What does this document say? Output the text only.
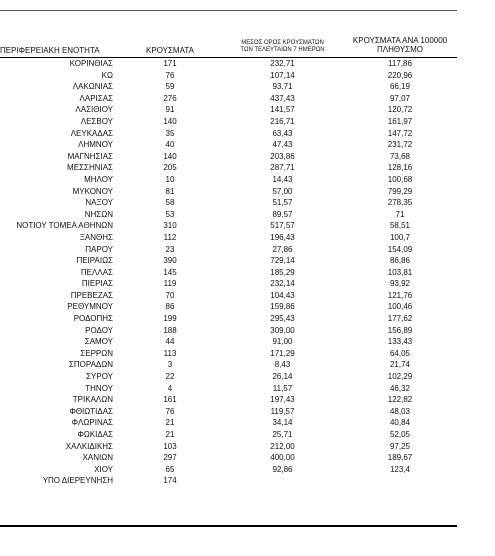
ΠΕΡΙΦΕΡΕΙΑΚΗ ΕΝΟΤΗΤΑ	ΚΡΟΥΣΜΑΤΑ
ΜΕΣΟΣ ΟΡΟΣ ΚΡΟΥΣΜΑΤΩΝ
ΤΩΝ ΤΕΛΕΥΤΑΙΩΝ 7 ΗΜΕΡΩΝ
ΚΡΟΥΣΜΑΤΑ ΑΝΑ 100000
ΠΛΗΘΥΣΜΟ
ΚΟΡΙΝΘΙΑΣ	171	232,71	117,86
ΚΩ	76	107,14	220,96
ΛΑΚΩΝΙΑΣ	59	93,71	66,19
ΛΑΡΙΣΑΣ	276	437,43	97,07
ΛΑΣΙΘΙΟΥ	91	141,57	120,72
ΛΕΣΒΟΥ	140	216,71	161,97
ΛΕΥΚΑΔΑΣ	35	63,43	147,72
ΛΗΜΝΟΥ	40	47,43	231,72
ΜΑΓΝΗΣΙΑΣ	140	203,86	73,68
ΜΕΣΣΗΝΙΑΣ	205	287,71	128,16
ΜΗΛΟΥ	10	14,43	100,68
ΜΥΚΟΝΟΥ	81	57,00	799,29
ΝΑΞΟΥ	58	51,57	278,35
ΝΗΣΩΝ	53	89,57	71
ΝΟΤΙΟΥ ΤΟΜΕΑ ΑΘΗΝΩΝ	310	517,57	58,51
ΞΑΝΘΗΣ	112	196,43	100,7
ΠΑΡΟΥ	23	27,86	154,09
ΠΕΙΡΑΙΩΣ	390	729,14	86,86
ΠΕΛΛΑΣ	145	185,29	103,81
ΠΙΕΡΙΑΣ	119	232,14	93,92
ΠΡΕΒΕΖΑΣ	70	104,43	121,76
ΡΕΘΥΜΝΟΥ	86	159,86	100,46
ΡΟΔΟΠΗΣ	199	295,43	177,62
ΡΟΔΟΥ	188	309,00	156,89
ΣΑΜΟΥ	44	91,00	133,43
ΣΕΡΡΩΝ	113	171,29	64,05
ΣΠΟΡΑΔΩΝ	3	8,43	21,74
ΣΥΡΟΥ	22	26,14	102,29
ΤΗΝΟΥ	4	11,57	46,32
ΤΡΙΚΑΛΩΝ	161	197,43	122,82
ΦΘΙΩΤΙΔΑΣ	76	119,57	48,03
ΦΛΩΡΙΝΑΣ	21	34,14	40,84
ΦΩΚΙΔΑΣ	21	25,71	52,05
ΧΑΛΚΙΔΙΚΗΣ	103	212,00	97,25
ΧΑΝΙΩΝ	297	400,00	189,67
ΧΙΟΥ	65	92,86	123,4
ΥΠΟ ΔΙΕΡΕΥΝΗΣΗ	174
